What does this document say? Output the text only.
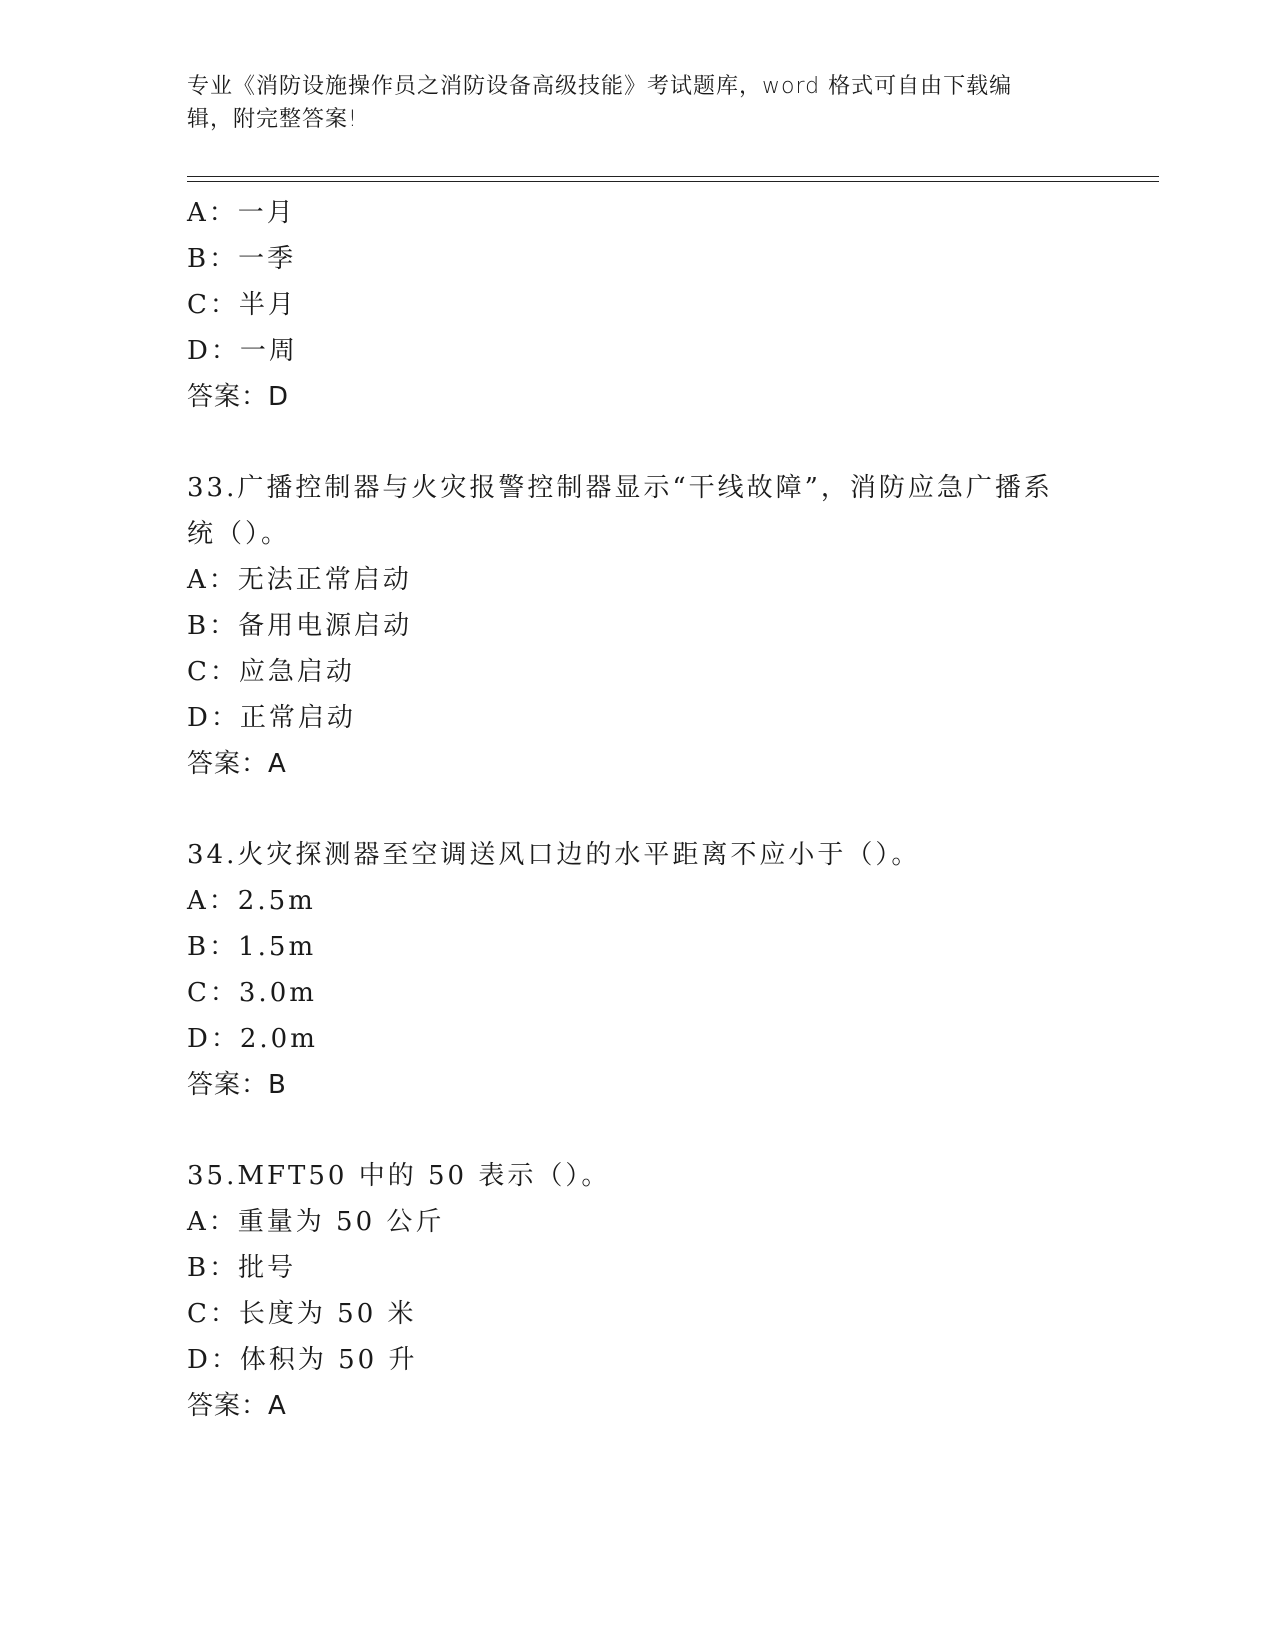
专业《消防设施操作员之消防设备高级技能》考试题库，word 格式可自由下载编
辑，附完整答案!
A：一月
B：一季
C：半月
D：一周
答案：D
33.广播控制器与火灾报警控制器显示“干线故障”，消防应急广播系
统（）。
A：无法正常启动
B：备用电源启动
C：应急启动
D：正常启动
答案：A
34.火灾探测器至空调送风口边的水平距离不应小于（）。
A：2.5m
B：1.5m
C：3.0m
D：2.0m
答案：B
35.MFT50 中的 50 表示（）。
A：重量为 50 公斤
B：批号
C：长度为 50 米
D：体积为 50 升
答案：A
